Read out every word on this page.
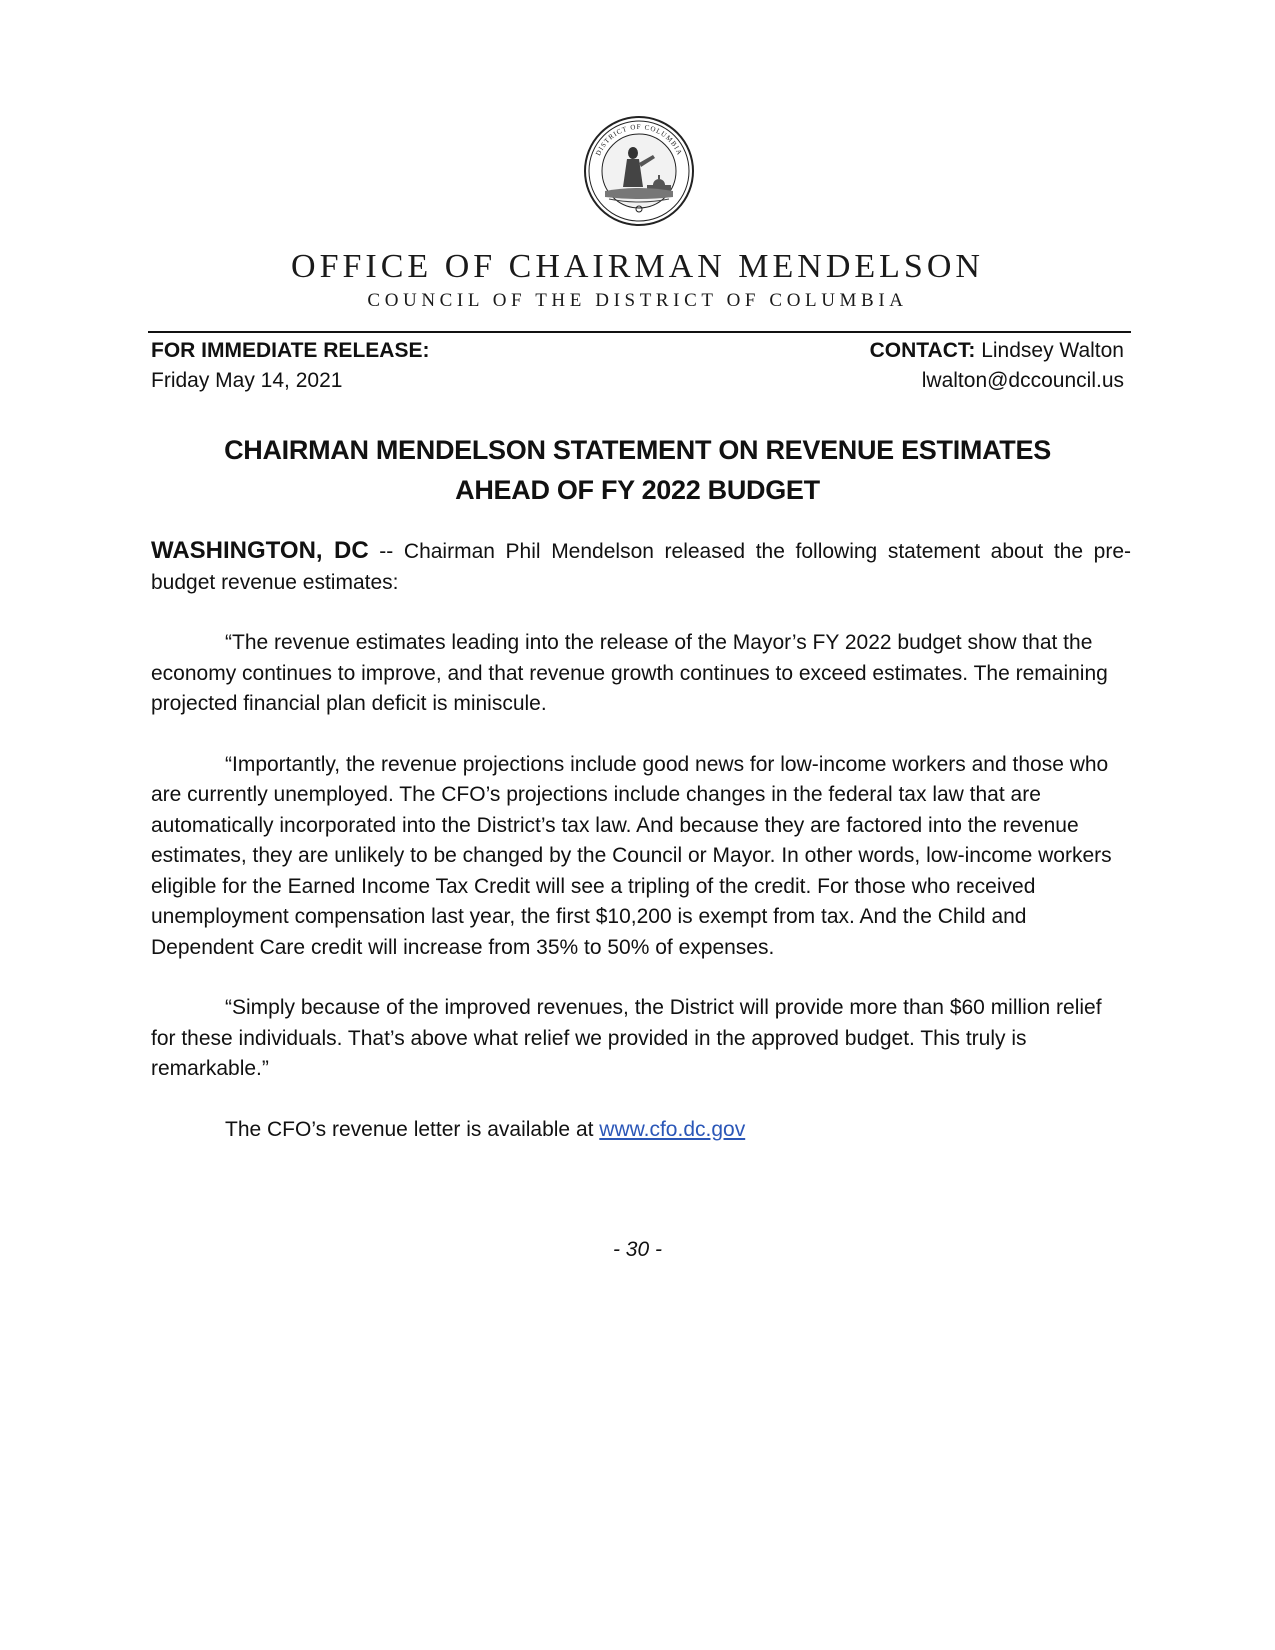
DISTRICT OF COLUMBIA
OFFICE OF CHAIRMAN MENDELSON
COUNCIL OF THE DISTRICT OF COLUMBIA
FOR IMMEDIATE RELEASE:
Friday May 14, 2021
CONTACT: Lindsey Walton
lwalton@dccouncil.us
CHAIRMAN MENDELSON STATEMENT ON REVENUE ESTIMATES
AHEAD OF FY 2022 BUDGET

WASHINGTON, DC -- Chairman Phil Mendelson released the following statement about the pre-budget revenue estimates:

“The revenue estimates leading into the release of the Mayor’s FY 2022 budget show that the economy continues to improve, and that revenue growth continues to exceed estimates. The remaining projected financial plan deficit is miniscule.

“Importantly, the revenue projections include good news for low-income workers and those who are currently unemployed. The CFO’s projections include changes in the federal tax law that are automatically incorporated into the District’s tax law. And because they are factored into the revenue estimates, they are unlikely to be changed by the Council or Mayor. In other words, low-income workers eligible for the Earned Income Tax Credit will see a tripling of the credit. For those who received unemployment compensation last year, the first $10,200 is exempt from tax. And the Child and Dependent Care credit will increase from 35% to 50% of expenses.

“Simply because of the improved revenues, the District will provide more than $60 million relief for these individuals. That’s above what relief we provided in the approved budget. This truly is remarkable.”

The CFO’s revenue letter is available at www.cfo.dc.gov

- 30 -
